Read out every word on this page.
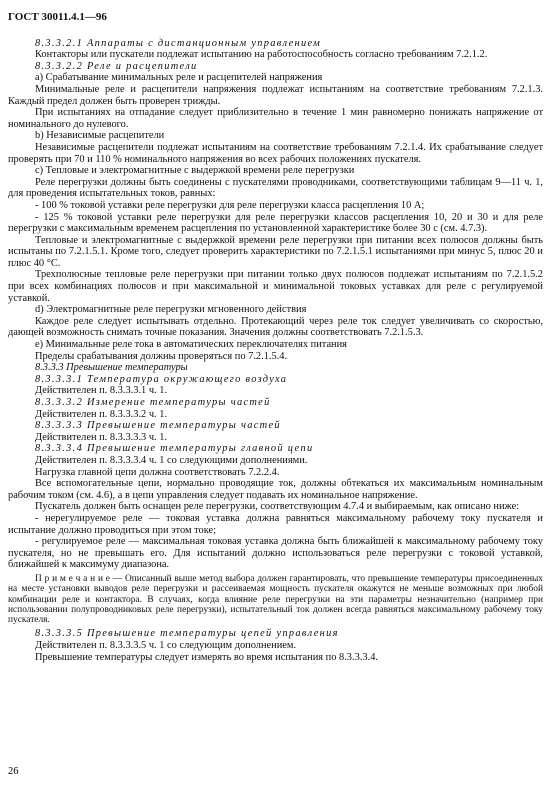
ГОСТ 30011.4.1—96

8.3.3.2.1 Аппараты с дистанционным управлением

Контакторы или пускатели подлежат испытанию на работоспособность согласно требованиям 7.2.1.2.

8.3.3.2.2 Реле и расцепители

а) Срабатывание минимальных реле и расцепителей напряжения

Минимальные реле и расцепители напряжения подлежат испытаниям на соответствие требованиям 7.2.1.3. Каждый предел должен быть проверен трижды.

При испытаниях на отпадание следует приблизительно в течение 1 мин равномерно понижать напряжение от номинального до нулевого.

b) Независимые расцепители

Независимые расцепители подлежат испытаниям на соответствие требованиям 7.2.1.4. Их срабатывание следует проверять при 70 и 110 % номинального напряжения во всех рабочих положениях пускателя.

с) Тепловые и электромагнитные с выдержкой времени реле перегрузки

Реле перегрузки должны быть соединены с пускателями проводниками, соответствующими таблицам 9—11 ч. 1, для проведения испытательных токов, равных:

- 100 % токовой уставки реле перегрузки для реле перегрузки класса расцепления 10 А;

- 125 % токовой уставки реле перегрузки для реле перегрузки классов расцепления 10, 20 и 30 и для реле перегрузки с максимальным временем расцепления по установленной характеристике более 30 с (см. 4.7.3).

Тепловые и электромагнитные с выдержкой времени реле перегрузки при питании всех полюсов должны быть испытаны по 7.2.1.5.1. Кроме того, следует проверить характеристики по 7.2.1.5.1 испытаниями при минус 5, плюс 20 и плюс 40 °С.

Трехполюсные тепловые реле перегрузки при питании только двух полюсов подлежат испытаниям по 7.2.1.5.2 при всех комбинациях полюсов и при максимальной и минимальной токовых уставках для реле с регулируемой уставкой.

d) Электромагнитные реле перегрузки мгновенного действия

Каждое реле следует испытывать отдельно. Протекающий через реле ток следует увеличивать со скоростью, дающей возможность снимать точные показания. Значения должны соответствовать 7.2.1.5.3.

е) Минимальные реле тока в автоматических переключателях питания

Пределы срабатывания должны проверяться по 7.2.1.5.4.

8.3.3.3 Превышение температуры

8.3.3.3.1 Температура окружающего воздуха

Действителен п. 8.3.3.3.1 ч. 1.

8.3.3.3.2 Измерение температуры частей

Действителен п. 8.3.3.3.2 ч. 1.

8.3.3.3.3 Превышение температуры частей

Действителен п. 8.3.3.3.3 ч. 1.

8.3.3.3.4 Превышение температуры главной цепи

Действителен п. 8.3.3.3.4 ч. 1 со следующими дополнениями.

Нагрузка главной цепи должна соответствовать 7.2.2.4.

Все вспомогательные цепи, нормально проводящие ток, должны обтекаться их максимальным номинальным рабочим током (см. 4.6), а в цепи управления следует подавать их номинальное напряжение.

Пускатель должен быть оснащен реле перегрузки, соответствующим 4.7.4 и выбираемым, как описано ниже:

- нерегулируемое реле — токовая уставка должна равняться максимальному рабочему току пускателя и испытание должно проводиться при этом токе;

- регулируемое реле — максимальная токовая уставка должна быть ближайшей к максимальному рабочему току пускателя, но не превышать его. Для испытаний должно использоваться реле перегрузки с токовой уставкой, ближайшей к максимуму диапазона.

П р и м е ч а н и е — Описанный выше метод выбора должен гарантировать, что превышение температуры присоединенных на месте установки выводов реле перегрузки и рассеиваемая мощность пускателя окажутся не меньше возможных при любой комбинации реле и контактора. В случаях, когда влияние реле перегрузки на эти параметры незначительно (например при использовании полупроводниковых реле перегрузки), испытательный ток должен всегда равняться максимальному рабочему току пускателя.

8.3.3.3.5 Превышение температуры цепей управления

Действителен п. 8.3.3.3.5 ч. 1 со следующим дополнением.

Превышение температуры следует измерять во время испытания по 8.3.3.3.4.

26
